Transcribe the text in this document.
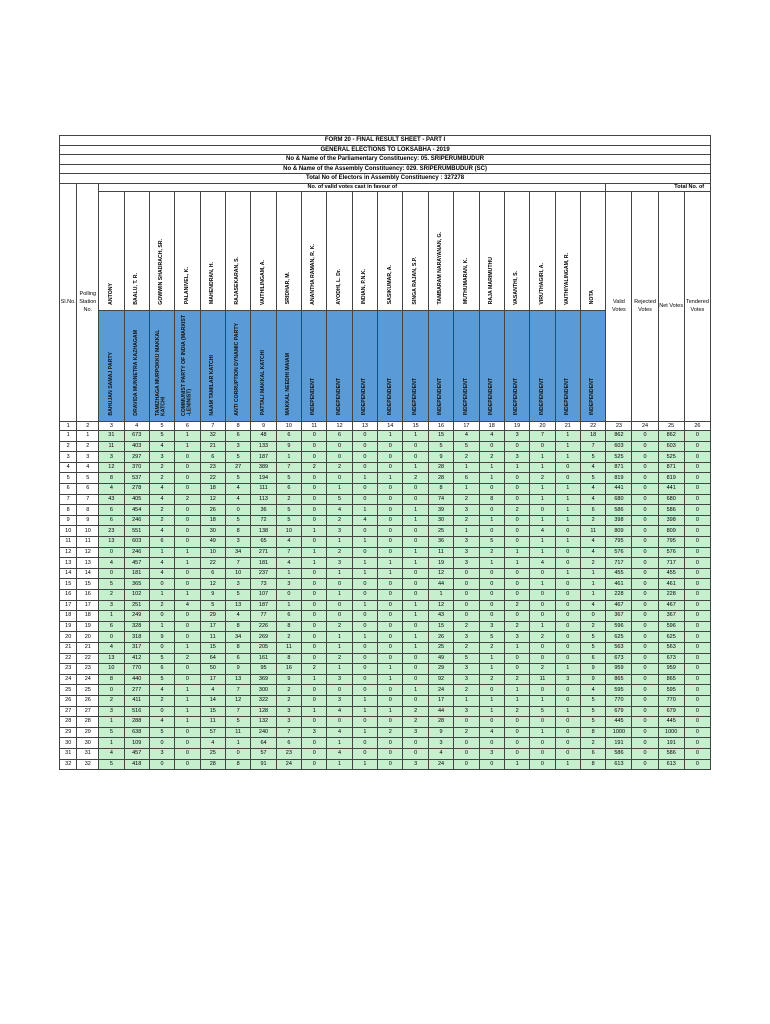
FORM 20 - FINAL RESULT SHEET - PART I																									
GENERAL ELECTIONS TO LOKSABHA - 2019																									
No & Name of the Parliamentary Constituency: 05. SRIPERUMBUDUR																									
No & Name of the Assembly Constituency: 029. SRIPERUMBUDUR (SC)																									
Total No of Electors in Assembly Constituency : 327278																									
Sl.No.	Polling Station No.	No. of valid votes cast in favour of																				Total No. of			
		ANTONY	BAALU, T. R.	GOWWIN SHADRACH, SR.	PALANIVEL, K.	MAHENDRAN, H.	RAJASEKARAN, S.	VAITHILINGAM, A.	SRIDHAR, M.	ANANTHA RAMAN, R. K.	AYODHI, L. Dr.	INDIAN, P.N.K.	SASIKUMAR, A.	SINGA RAJAN, S.P.	TAMBARAM NARAYANAN, G.	MUTHUMARAN, K.	RAJA MARIMUTHU	VASANTHI, S.	VIRUTHAGIRI, A.	VAITHIYALINGAM, R.	NOTA	Valid Votes	Rejected Votes	Net Votes	Tendered Votes
		BAHUJAN SAMAJ PARTY	DRAVIDA MUNNETRA KAZHAGAM	TAMIZHAGA MURPOKKU MAKKAL KATCHI	COMMUNIST PARTY OF INDIA (MARXIST -LENINIST)	NAAM TAMILAR KATCHI	ANTI CORRUPTION DYNAMIC PARTY	PATTALI MAKKAL KATCHI	MAKKAL NEEDHI MAIAM	INDEPENDENT	INDEPENDENT	INDEPENDENT	INDEPENDENT	INDEPENDENT	INDEPENDENT	INDEPENDENT	INDEPENDENT	INDEPENDENT	INDEPENDENT	INDEPENDENT	INDEPENDENT				
1	2	3	4	5	6	7	8	9	10	11	12	13	14	15	16	17	18	19	20	21	22	23	24	25	26
1	1	31	673	5	1	32	6	48	6	0	6	0	1	1	15	4	4	3	7	1	18	862	0	862	0
2	2	11	403	4	1	21	3	133	9	0	0	0	0	0	5	5	0	0	0	1	7	603	0	603	0
3	3	3	297	3	0	6	5	187	1	0	0	0	0	0	9	2	2	3	1	1	5	525	0	525	0
4	4	12	370	2	0	23	27	389	7	2	2	0	0	1	28	1	1	1	1	0	4	871	0	871	0
5	5	8	537	2	0	22	5	194	5	0	0	1	1	2	28	6	1	0	2	0	5	819	0	819	0
6	6	4	278	4	0	18	4	111	6	0	1	0	0	0	8	1	0	0	1	1	4	441	0	441	0
7	7	43	405	4	2	12	4	113	2	0	5	0	0	0	74	2	8	0	1	1	4	680	0	680	0
8	8	6	454	2	0	26	0	36	5	0	4	1	0	1	39	3	0	2	0	1	6	586	0	586	0
9	9	6	246	2	0	18	5	72	5	0	2	4	0	1	30	2	1	0	1	1	2	398	0	398	0
10	10	23	551	4	0	30	8	138	10	1	3	0	0	0	25	1	0	0	4	0	11	809	0	809	0
11	11	13	603	6	0	49	3	65	4	0	1	1	0	0	36	3	5	0	1	1	4	795	0	795	0
12	12	0	246	1	1	10	34	271	7	1	2	0	0	1	11	3	2	1	1	0	4	576	0	576	0
13	13	4	457	4	1	22	7	181	4	1	3	1	1	1	19	3	1	1	4	0	2	717	0	717	0
14	14	0	181	4	0	6	10	237	1	0	1	1	1	0	12	0	0	0	0	1	1	455	0	455	0
15	15	5	365	0	0	12	3	73	3	0	0	0	0	0	44	0	0	0	1	0	1	461	0	461	0
16	16	2	102	1	1	9	5	107	0	0	1	0	0	0	1	0	0	0	0	0	1	228	0	228	0
17	17	3	251	2	4	5	13	187	1	0	0	1	0	1	12	0	0	2	0	0	4	467	0	467	0
18	18	1	249	0	0	29	4	77	6	0	0	0	0	1	43	0	0	0	0	0	0	367	0	367	0
19	19	6	328	1	0	17	8	226	8	0	2	0	0	0	15	2	3	2	1	0	2	596	0	596	0
20	20	0	318	9	0	11	34	269	2	0	1	1	0	1	26	3	5	3	2	0	5	625	0	625	0
21	21	4	317	0	1	15	8	205	11	0	1	0	0	1	25	2	2	1	0	0	5	563	0	563	0
22	22	13	412	5	2	64	6	161	8	0	2	0	0	0	49	5	1	0	0	0	6	673	0	673	0
23	23	10	770	6	0	50	9	95	16	2	1	0	1	0	29	3	1	0	2	1	9	959	0	959	0
24	24	8	440	5	0	17	13	369	9	1	3	0	1	0	92	3	2	2	11	3	9	865	0	865	0
25	25	0	277	4	1	4	7	300	2	0	0	0	0	1	24	2	0	1	0	0	4	595	0	595	0
26	26	2	411	2	1	14	12	322	2	0	3	1	0	0	17	1	1	1	1	0	5	770	0	770	0
27	27	3	516	0	1	15	7	128	3	1	4	1	1	2	44	3	1	2	5	1	5	679	0	679	0
28	28	1	288	4	1	11	5	132	3	0	0	0	0	2	28	0	0	0	0	0	5	445	0	445	0
29	29	5	638	5	0	57	11	240	7	3	4	1	2	3	9	2	4	0	1	0	8	1000	0	1000	0
30	30	1	109	0	0	4	1	64	6	0	1	0	0	0	3	0	0	0	0	0	2	191	0	191	0
31	31	4	457	3	0	25	0	57	23	0	4	0	0	0	4	0	3	0	0	0	6	586	0	586	0
32	32	5	418	0	0	28	8	91	24	0	1	1	0	3	24	0	0	1	0	1	8	613	0	613	0
